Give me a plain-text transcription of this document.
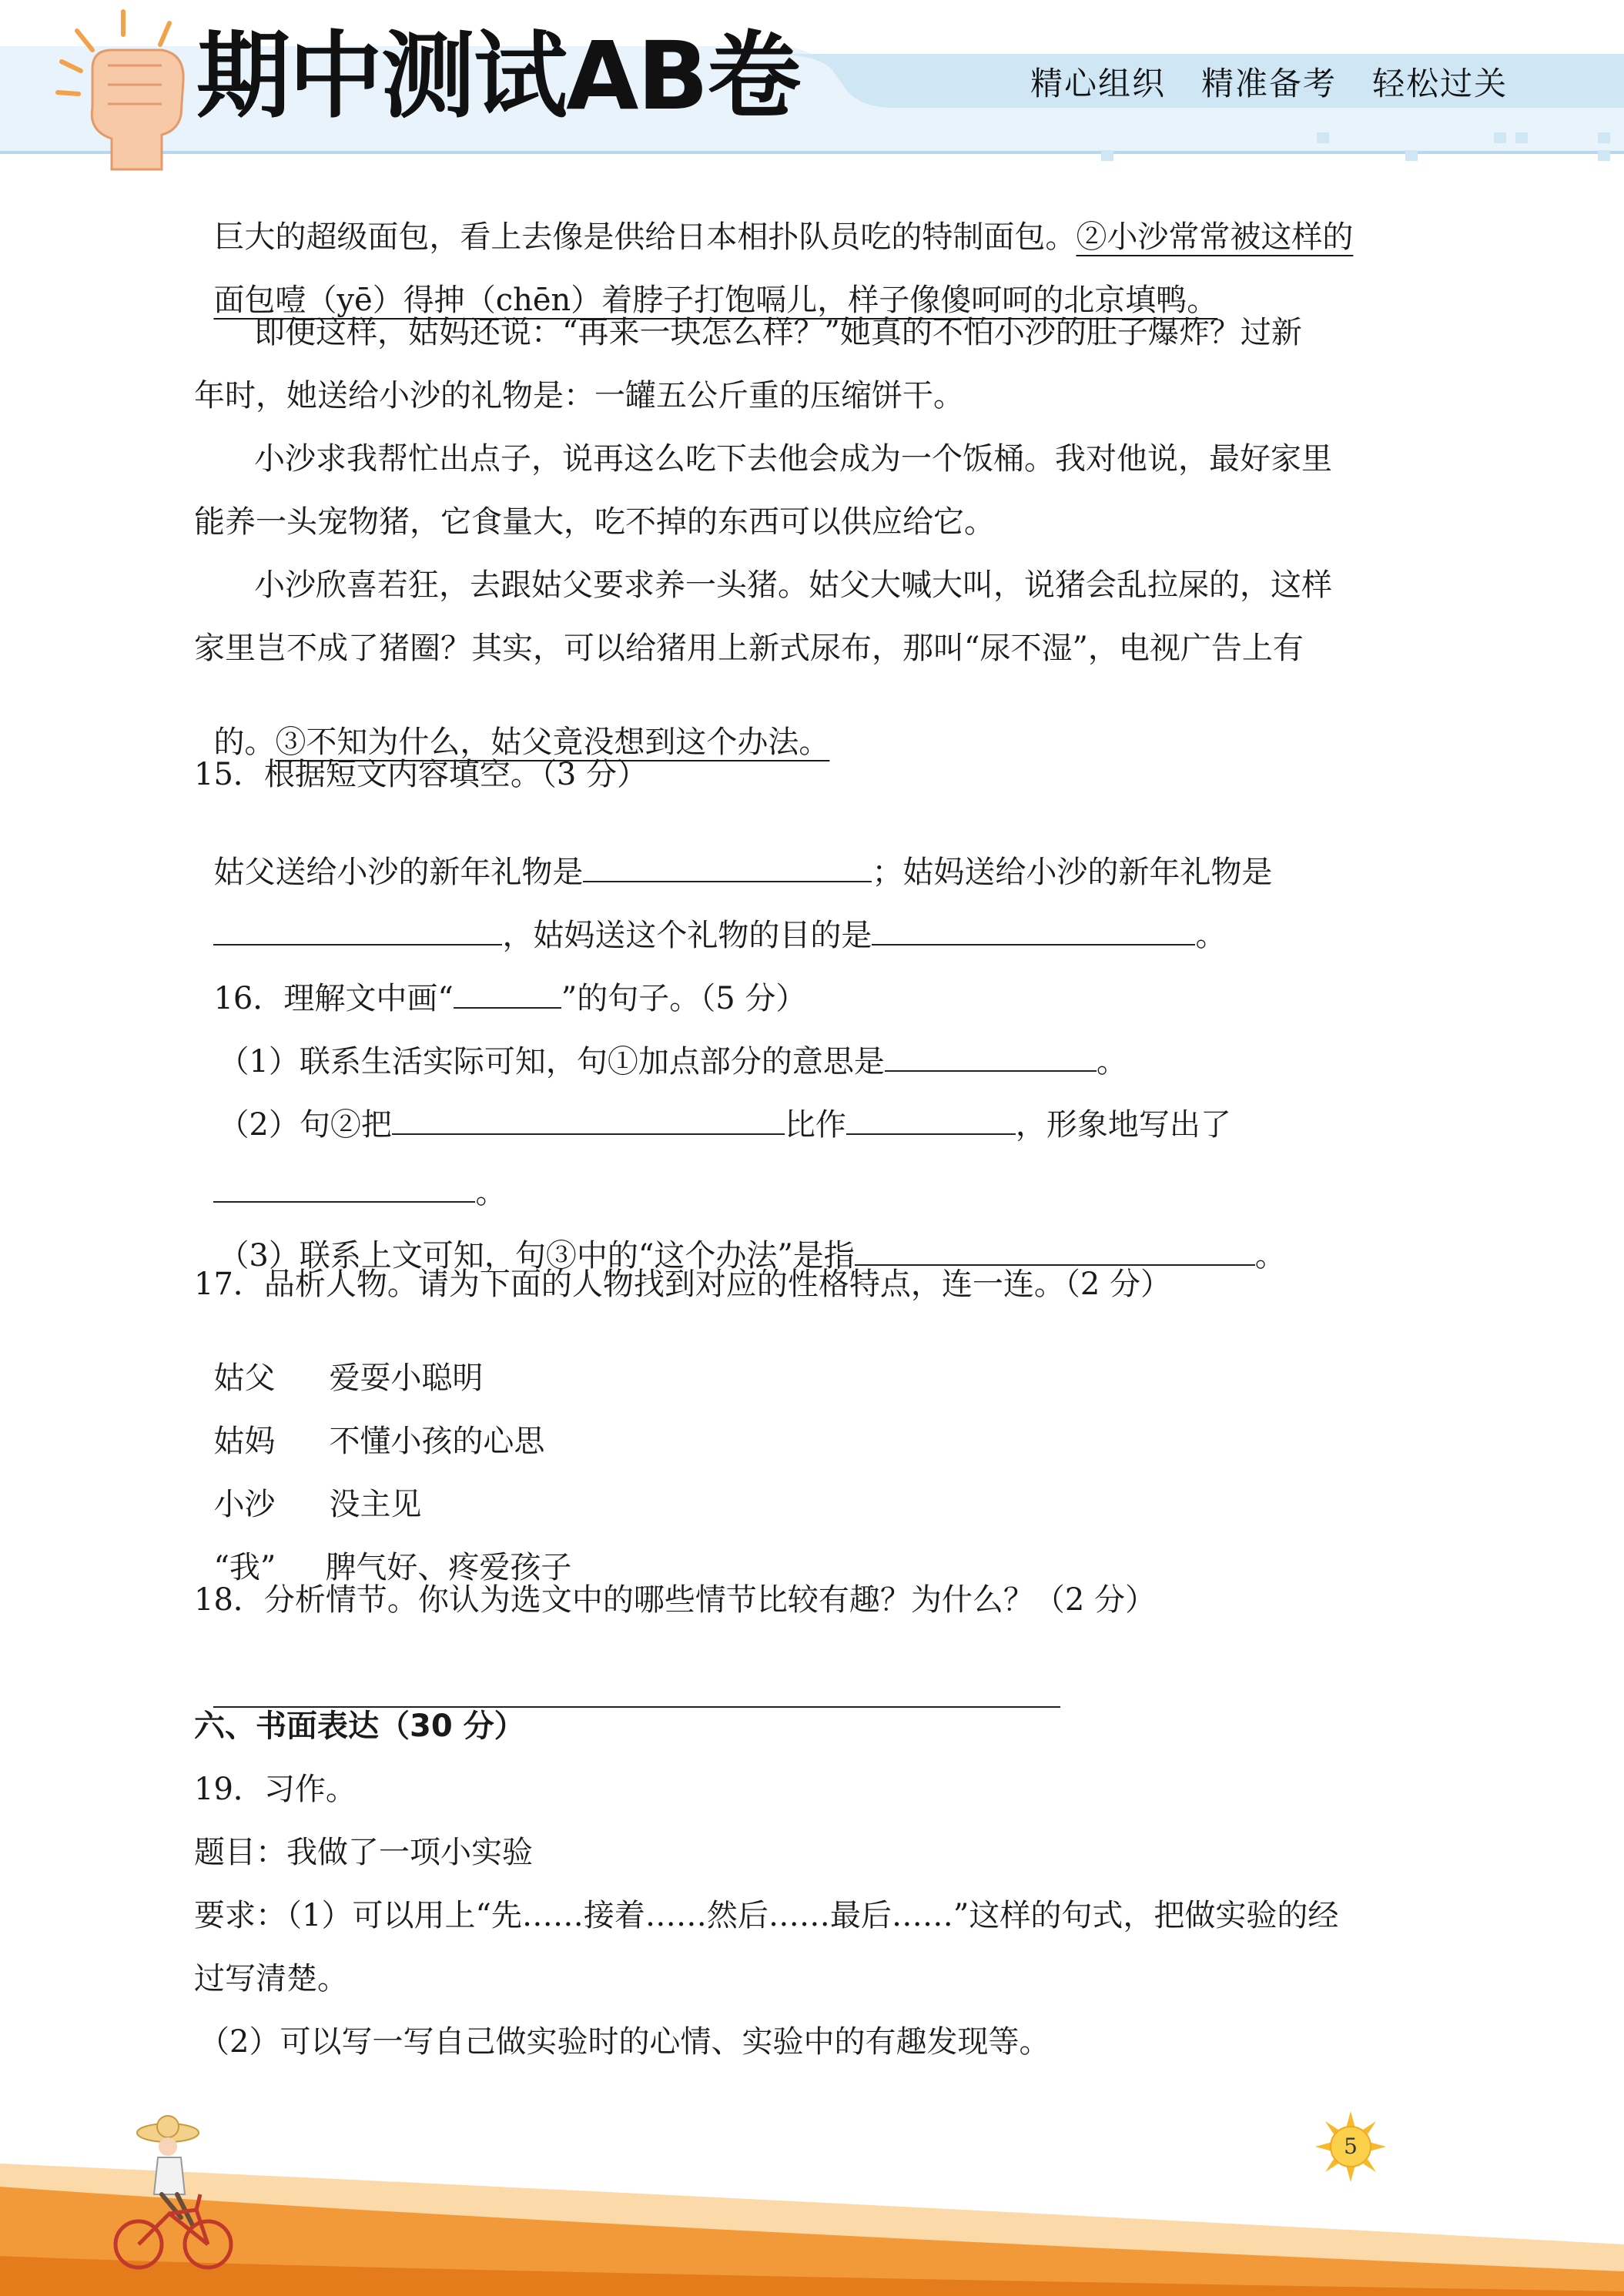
期中测试AB卷	精心组织   精准备考   轻松过关

巨大的超级面包，看上去像是供给日本相扑队员吃的特制面包。②小沙常常被这样的

面包噎（yē）得抻（chēn）着脖子打饱嗝儿，样子像傻呵呵的北京填鸭。

即便这样，姑妈还说：“再来一块怎么样？”她真的不怕小沙的肚子爆炸？过新
年时，她送给小沙的礼物是：一罐五公斤重的压缩饼干。
小沙求我帮忙出点子，说再这么吃下去他会成为一个饭桶。我对他说，最好家里
能养一头宠物猪，它食量大，吃不掉的东西可以供应给它。
小沙欣喜若狂，去跟姑父要求养一头猪。姑父大喊大叫，说猪会乱拉屎的，这样
家里岂不成了猪圈？其实，可以给猪用上新式尿布，那叫“尿不湿”，电视广告上有

的。③不知为什么，姑父竟没想到这个办法。

15．根据短文内容填空。（3 分）

姑父送给小沙的新年礼物是	；姑妈送给小沙的新年礼物是

，姑妈送这个礼物的目的是	。

16．理解文中画“	”的句子。（5 分）

（1）联系生活实际可知，句①加点部分的意思是	。

（2）句②把	比作	，形象地写出了

。

（3）联系上文可知，句③中的“这个办法”是指	。

17．品析人物。请为下面的人物找到对应的性格特点，连一连。（2 分）

姑父 爱耍小聪明

姑妈 不懂小孩的心思

小沙 没主见

“我” 脾气好、疼爱孩子

18．分析情节。你认为选文中的哪些情节比较有趣？为什么？（2 分）

六、书面表达（30 分）
19．习作。
题目：我做了一项小实验
要求：（1）可以用上“先……接着……然后……最后……”这样的句式，把做实验的经
过写清楚。
（2）可以写一写自己做实验时的心情、实验中的有趣发现等。
5
